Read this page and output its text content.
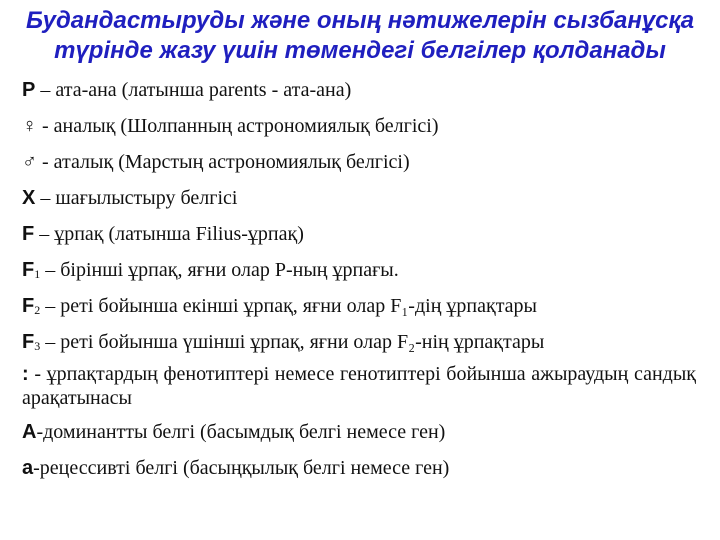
Будандастыруды және оның нәтижелерін сызбанұсқа
түрінде жазу үшін төмендегі белгілер қолданады
Р – ата-ана (латынша parents - ата-ана)
♀ - аналық (Шолпанның астрономиялық белгісі)
♂ - аталық (Марстың астрономиялық белгісі)
Х – шағылыстыру белгісі
F – ұрпақ (латынша Filius-ұрпақ)
$F_1$ – бірінші ұрпақ, яғни олар Р-ның ұрпағы.
$F_2$ – реті бойынша екінші ұрпақ, яғни олар F₁-дің ұрпақтары
$F_3$ – реті бойынша үшінші ұрпақ, яғни олар F₂-нің ұрпақтары
: - ұрпақтардың фенотиптері немесе генотиптері бойынша ажыраудың сандық арақатынасы
А-доминантты белгі (басымдық белгі немесе ген)
а-рецессивті белгі (басыңқылық белгі немесе ген)
